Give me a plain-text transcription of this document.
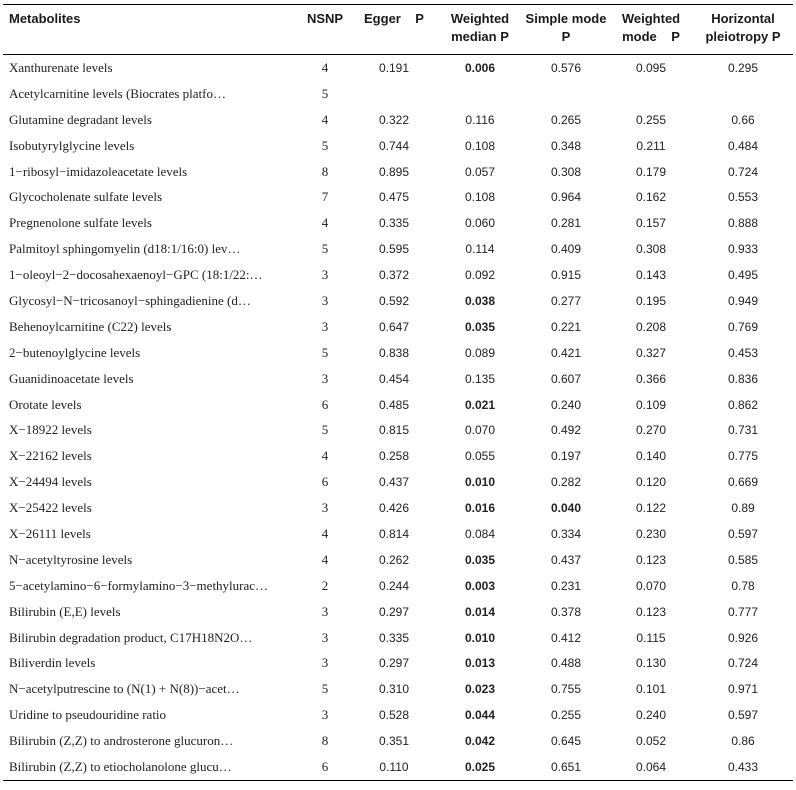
Metabolites	NSNP	Egger    P	Weighted median P	Simple mode P	Weighted mode    P	Horizontal pleiotropy P
Xanthurenate levels	4	0.191	0.006	0.576	0.095	0.295
Acetylcarnitine levels (Biocrates platfo…	5					
Glutamine degradant levels	4	0.322	0.116	0.265	0.255	0.66
Isobutyrylglycine levels	5	0.744	0.108	0.348	0.211	0.484
1−ribosyl−imidazoleacetate levels	8	0.895	0.057	0.308	0.179	0.724
Glycocholenate sulfate levels	7	0.475	0.108	0.964	0.162	0.553
Pregnenolone sulfate levels	4	0.335	0.060	0.281	0.157	0.888
Palmitoyl sphingomyelin (d18:1/16:0) lev…	5	0.595	0.114	0.409	0.308	0.933
1−oleoyl−2−docosahexaenoyl−GPC (18:1/22:…	3	0.372	0.092	0.915	0.143	0.495
Glycosyl−N−tricosanoyl−sphingadienine (d…	3	0.592	0.038	0.277	0.195	0.949
Behenoylcarnitine (C22) levels	3	0.647	0.035	0.221	0.208	0.769
2−butenoylglycine levels	5	0.838	0.089	0.421	0.327	0.453
Guanidinoacetate levels	3	0.454	0.135	0.607	0.366	0.836
Orotate levels	6	0.485	0.021	0.240	0.109	0.862
X−18922 levels	5	0.815	0.070	0.492	0.270	0.731
X−22162 levels	4	0.258	0.055	0.197	0.140	0.775
X−24494 levels	6	0.437	0.010	0.282	0.120	0.669
X−25422 levels	3	0.426	0.016	0.040	0.122	0.89
X−26111 levels	4	0.814	0.084	0.334	0.230	0.597
N−acetyltyrosine levels	4	0.262	0.035	0.437	0.123	0.585
5−acetylamino−6−formylamino−3−methylurac…	2	0.244	0.003	0.231	0.070	0.78
Bilirubin (E,E) levels	3	0.297	0.014	0.378	0.123	0.777
Bilirubin degradation product, C17H18N2O…	3	0.335	0.010	0.412	0.115	0.926
Biliverdin levels	3	0.297	0.013	0.488	0.130	0.724
N−acetylputrescine to (N(1) + N(8))−acet…	5	0.310	0.023	0.755	0.101	0.971
Uridine to pseudouridine ratio	3	0.528	0.044	0.255	0.240	0.597
Bilirubin (Z,Z) to androsterone glucuron…	8	0.351	0.042	0.645	0.052	0.86
Bilirubin (Z,Z) to etiocholanolone glucu…	6	0.110	0.025	0.651	0.064	0.433
